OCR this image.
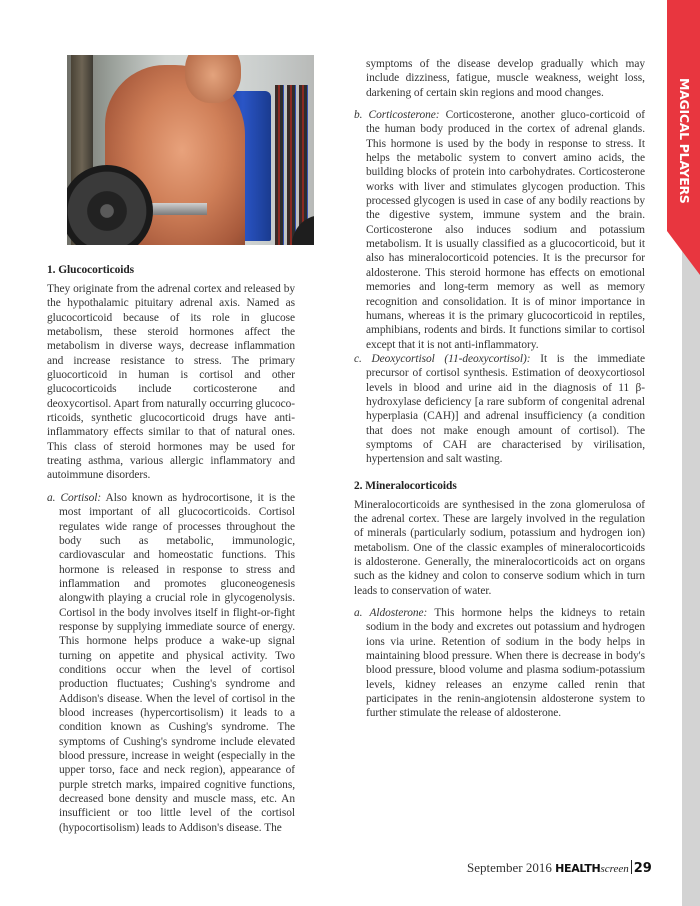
MAGICAL PLAYERS
1. Glucocorticoids

They originate from the adrenal cortex and released by the hypothalamic pituitary adrenal axis. Named as glucocorticoid because of its role in glucose metabolism, these steroid hormones affect the metabolism in diverse ways, decrease inflammation and increase resistance to stress. The primary gluocorticoid in human is cortisol and other glucocorticoids include corticosterone and deoxycortisol. Apart from naturally occurring glucoco-rticoids, synthetic glucocorticoid drugs have anti-inflammatory effects similar to that of natural ones. This class of steroid hormones may be used for treating asthma, various allergic inflammatory and autoimmune disorders.

a. Cortisol: Also known as hydrocortisone, it is the most important of all glucocorticoids. Cortisol regulates wide range of processes throughout the body such as metabolic, immunologic, cardiovascular and homeostatic functions. This hormone is released in response to stress and inflammation and promotes gluconeogenesis alongwith playing a crucial role in glycogenolysis. Cortisol in the body involves itself in flight-or-fight response by supplying immediate source of energy. This hormone helps produce a wake-up signal turning on appetite and physical activity. Two conditions occur when the level of cortisol production fluctuates; Cushing's syndrome and Addison's disease. When the level of cortisol in the blood increases (hypercortisolism) it leads to a condition known as Cushing's syndrome. The symptoms of Cushing's syndrome include elevated blood pressure, increase in weight (especially in the upper torso, face and neck region), appearance of purple stretch marks, impaired cognitive functions, decreased bone density and muscle mass, etc. An insufficient or too little level of the cortisol (hypocortisolism) leads to Addison's disease. The

symptoms of the disease develop gradually which may include dizziness, fatigue, muscle weakness, weight loss, darkening of certain skin regions and mood changes.

b. Corticosterone: Corticosterone, another gluco-corticoid of the human body produced in the cortex of adrenal glands. This hormone is used by the body in response to stress. It helps the metabolic system to convert amino acids, the building blocks of protein into carbohydrates. Corticosterone works with liver and stimulates glycogen production. This processed glycogen is used in case of any bodily reactions by the digestive system, immune system and the brain. Corticosterone also induces sodium and potassium metabolism. It is usually classified as a glucocorticoid, but it also has mineralocorticoid potencies. It is the precursor for aldosterone. This steroid hormone has effects on emotional memories and long-term memory as well as memory recognition and consolidation. It is of minor importance in humans, whereas it is the primary glucocorticoid in reptiles, amphibians, rodents and birds. It functions similar to cortisol except that it is not anti-inflammatory.

c. Deoxycortisol (11-deoxycortisol): It is the immediate precursor of cortisol synthesis. Estimation of deoxycortiosol levels in blood and urine aid in the diagnosis of 11 β-hydroxylase deficiency [a rare subform of congenital adrenal hyperplasia (CAH)] and adrenal insufficiency (a condition that does not make enough amount of cortisol). The symptoms of CAH are characterised by virilisation, hypertension and salt wasting.

2. Mineralocorticoids

Mineralocorticoids are synthesised in the zona glomerulosa of the adrenal cortex. These are largely involved in the regulation of minerals (particularly sodium, potassium and hydrogen ion) metabolism. One of the classic examples of mineralocorticoids is aldosterone. Generally, the mineralocorticoids act on organs such as the kidney and colon to conserve sodium which in turn leads to conservation of water.

a. Aldosterone: This hormone helps the kidneys to retain sodium in the body and excretes out potassium and hydrogen ions via urine. Retention of sodium in the body helps in maintaining blood pressure. When there is decrease in body's blood pressure, blood volume and plasma sodium-potassium levels, kidney releases an enzyme called renin that participates in the renin-angiotensin aldosterone system to further stimulate the release of aldosterone.

September 2016 HEALTHscreen 29
